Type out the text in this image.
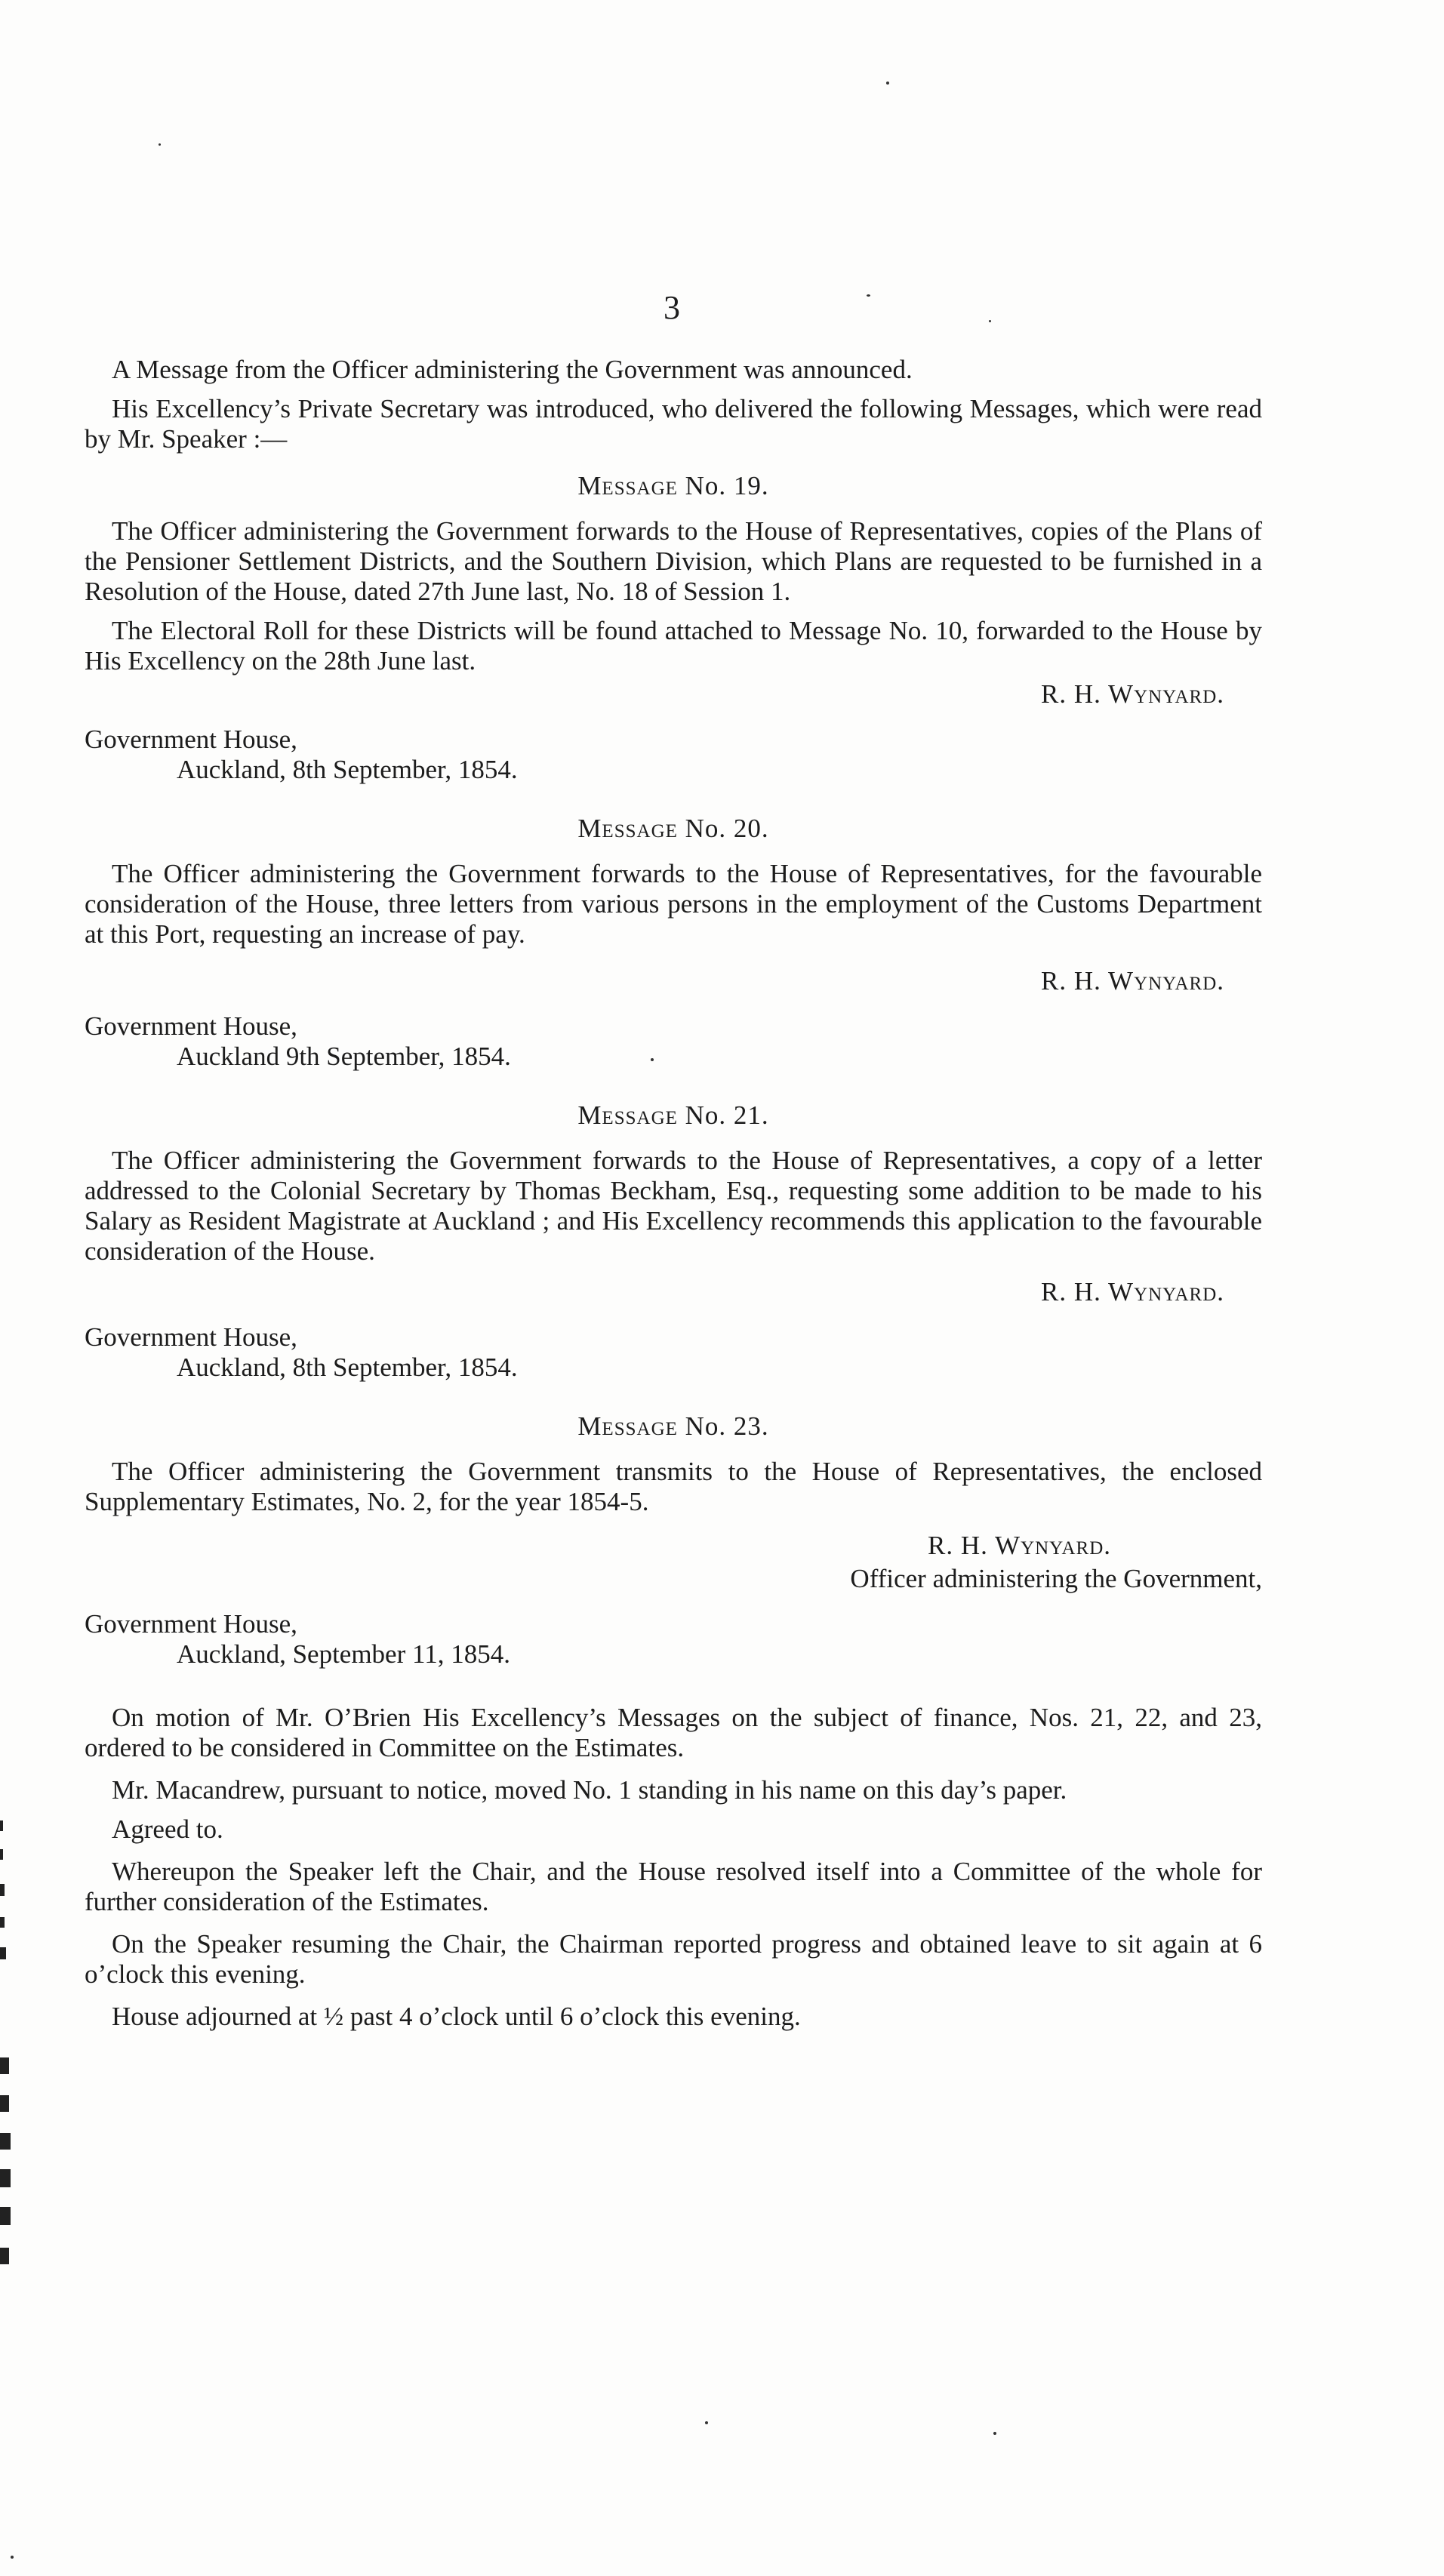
3

A Message from the Officer administering the Government was announced.

His Excellency’s Private Secretary was introduced, who delivered the following Messages, which were read by Mr. Speaker :—

Message No. 19.

The Officer administering the Government forwards to the House of Representatives, copies of the Plans of the Pensioner Settlement Districts, and the Southern Division, which Plans are requested to be furnished in a Resolution of the House, dated 27th June last, No. 18 of Session 1.

The Electoral Roll for these Districts will be found attached to Message No. 10, forwarded to the House by His Excellency on the 28th June last.

R. H. Wynyard.
Government House,
Auckland, 8th September, 1854.
Message No. 20.

The Officer administering the Government forwards to the House of Representatives, for the favourable consideration of the House, three letters from various persons in the employment of the Customs Department at this Port, requesting an increase of pay.

R. H. Wynyard.
Government House,
Auckland 9th September, 1854.
Message No. 21.

The Officer administering the Government forwards to the House of Representatives, a copy of a letter addressed to the Colonial Secretary by Thomas Beckham, Esq., requesting some addition to be made to his Salary as Resident Magistrate at Auckland ; and His Excellency recommends this application to the favourable consideration of the House.

R. H. Wynyard.
Government House,
Auckland, 8th September, 1854.
Message No. 23.

The Officer administering the Government transmits to the House of Representatives, the enclosed Supplementary Estimates, No. 2, for the year 1854-5.

R. H. Wynyard.
Officer administering the Government,
Government House,
Auckland, September 11, 1854.

On motion of Mr. O’Brien His Excellency’s Messages on the subject of finance, Nos. 21, 22, and 23, ordered to be considered in Committee on the Estimates.

Mr. Macandrew, pursuant to notice, moved No. 1 standing in his name on this day’s paper.

Agreed to.

Whereupon the Speaker left the Chair, and the House resolved itself into a Committee of the whole for further consideration of the Estimates.

On the Speaker resuming the Chair, the Chairman reported progress and obtained leave to sit again at 6 o’clock this evening.

House adjourned at ½ past 4 o’clock until 6 o’clock this evening.
